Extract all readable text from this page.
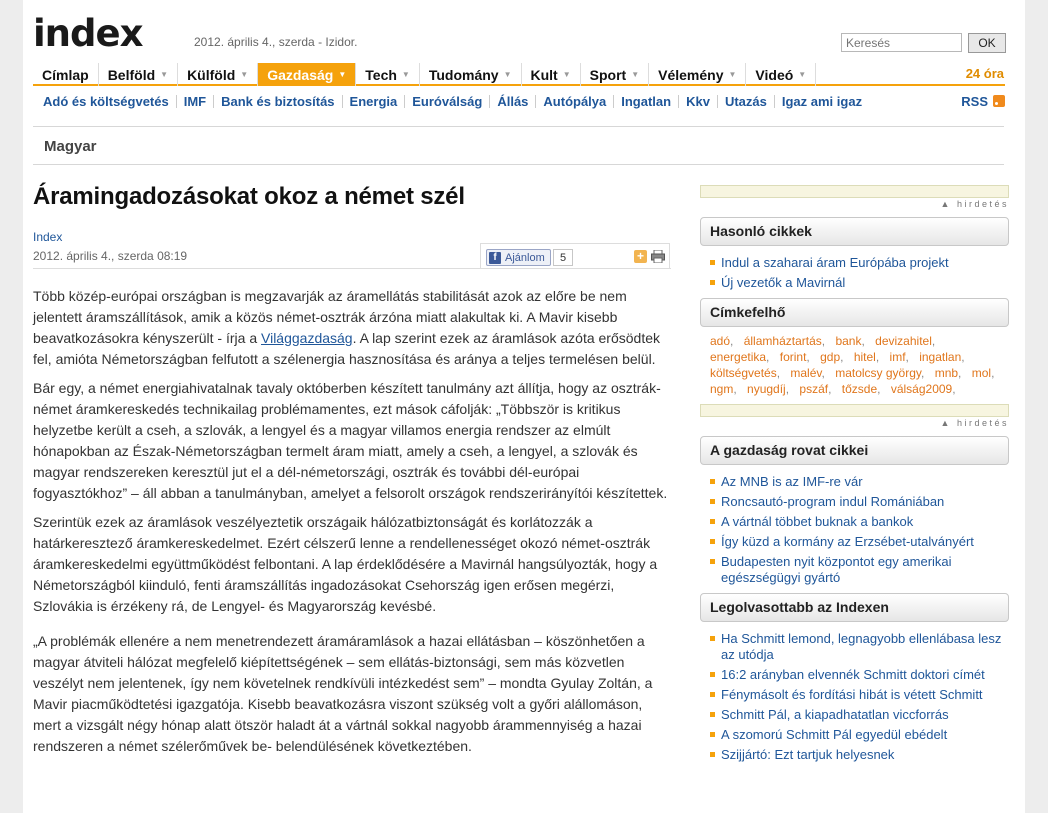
index	2012. április 4., szerda - Izidor.
Keresés	OK
Címlap Belföld ▼ Külföld ▼ Gazdaság ▼ Tech ▼ Tudomány ▼ Kult ▼ Sport ▼ Vélemény ▼ Videó ▼	24 óra
Adó és költségvetés	IMF	Bank és biztosítás	Energia	Euróválság	Állás	Autópálya	Ingatlan	Kkv	Utazás	Igaz ami igaz	RSS
Magyar
Áramingadozásokat okoz a német szél
Index
2012. április 4., szerda 08:19	f Ajánlom	5	+

Több közép-európai országban is megzavarják az áramellátás stabilitását azok az előre be nem jelentett áramszállítások, amik a közös német-osztrák árzóna miatt alakultak ki. A Mavir kisebb beavatkozásokra kényszerült - írja a Világgazdaság. A lap szerint ezek az áramlások azóta erősödtek fel, amióta Németországban felfutott a szélenergia hasznosítása és aránya a teljes termelésen belül.

Bár egy, a német energiahivatalnak tavaly októberben készített tanulmány azt állítja, hogy az osztrák-német áramkereskedés technikailag problémamentes, ezt mások cáfolják: „Többször is kritikus helyzetbe került a cseh, a szlovák, a lengyel és a magyar villamos energia rendszer az elmúlt hónapokban az Észak-Németországban termelt áram miatt, amely a cseh, a lengyel, a szlovák és magyar rendszereken keresztül jut el a dél-németországi, osztrák és további dél-európai fogyasztókhoz” – áll abban a tanulmányban, amelyet a felsorolt országok rendszerirányítói készítettek.

Szerintük ezek az áramlások veszélyeztetik országaik hálózatbiztonságát és korlátozzák a határkeresztező áramkereskedelmet. Ezért célszerű lenne a rendellenességet okozó német-osztrák áramkereskedelmi együttműködést felbontani. A lap érdeklődésére a Mavirnál hangsúlyozták, hogy a Németországból kiinduló, fenti áramszállítás ingadozásokat Csehország igen erősen megérzi, Szlovákia is érzékeny rá, de Lengyel- és Magyarország kevésbé.

„A problémák ellenére a nem menetrendezett áramáramlások a hazai ellátásban – köszönhetően a magyar átviteli hálózat megfelelő kiépítettségének – sem ellátás-biztonsági, sem más közvetlen veszélyt nem jelentenek, így nem követelnek rendkívüli intézkedést sem” – mondta Gyulay Zoltán, a Mavir piacműködtetési igazgatója. Kisebb beavatkozásra viszont szükség volt a győri alállomáson, mert a vizsgált négy hónap alatt ötször haladt át a vártnál sokkal nagyobb árammennyiség a hazai rendszeren a német szélerőművek be- belendülésének következtében.

▲ hirdetés
Hasonló cikkek
Indul a szaharai áram Európába projekt
Új vezetők a Mavirnál
Címkefelhő
adó, államháztartás, bank, devizahitel, energetika, forint, gdp, hitel, imf, ingatlan, költségvetés, malév, matolcsy györgy, mnb, mol, ngm, nyugdíj, pszáf, tőzsde, válság2009,
▲ hirdetés
A gazdaság rovat cikkei
Az MNB is az IMF-re vár
Roncsautó-program indul Romániában
A vártnál többet buknak a bankok
Így küzd a kormány az Erzsébet-utalványért
Budapesten nyit központot egy amerikai egészségügyi gyártó
Legolvasottabb az Indexen
Ha Schmitt lemond, legnagyobb ellenlábasa lesz az utódja
16:2 arányban elvennék Schmitt doktori címét
Fénymásolt és fordítási hibát is vétett Schmitt
Schmitt Pál, a kiapadhatatlan viccforrás
A szomorú Schmitt Pál egyedül ebédelt
Szijjártó: Ezt tartjuk helyesnek
